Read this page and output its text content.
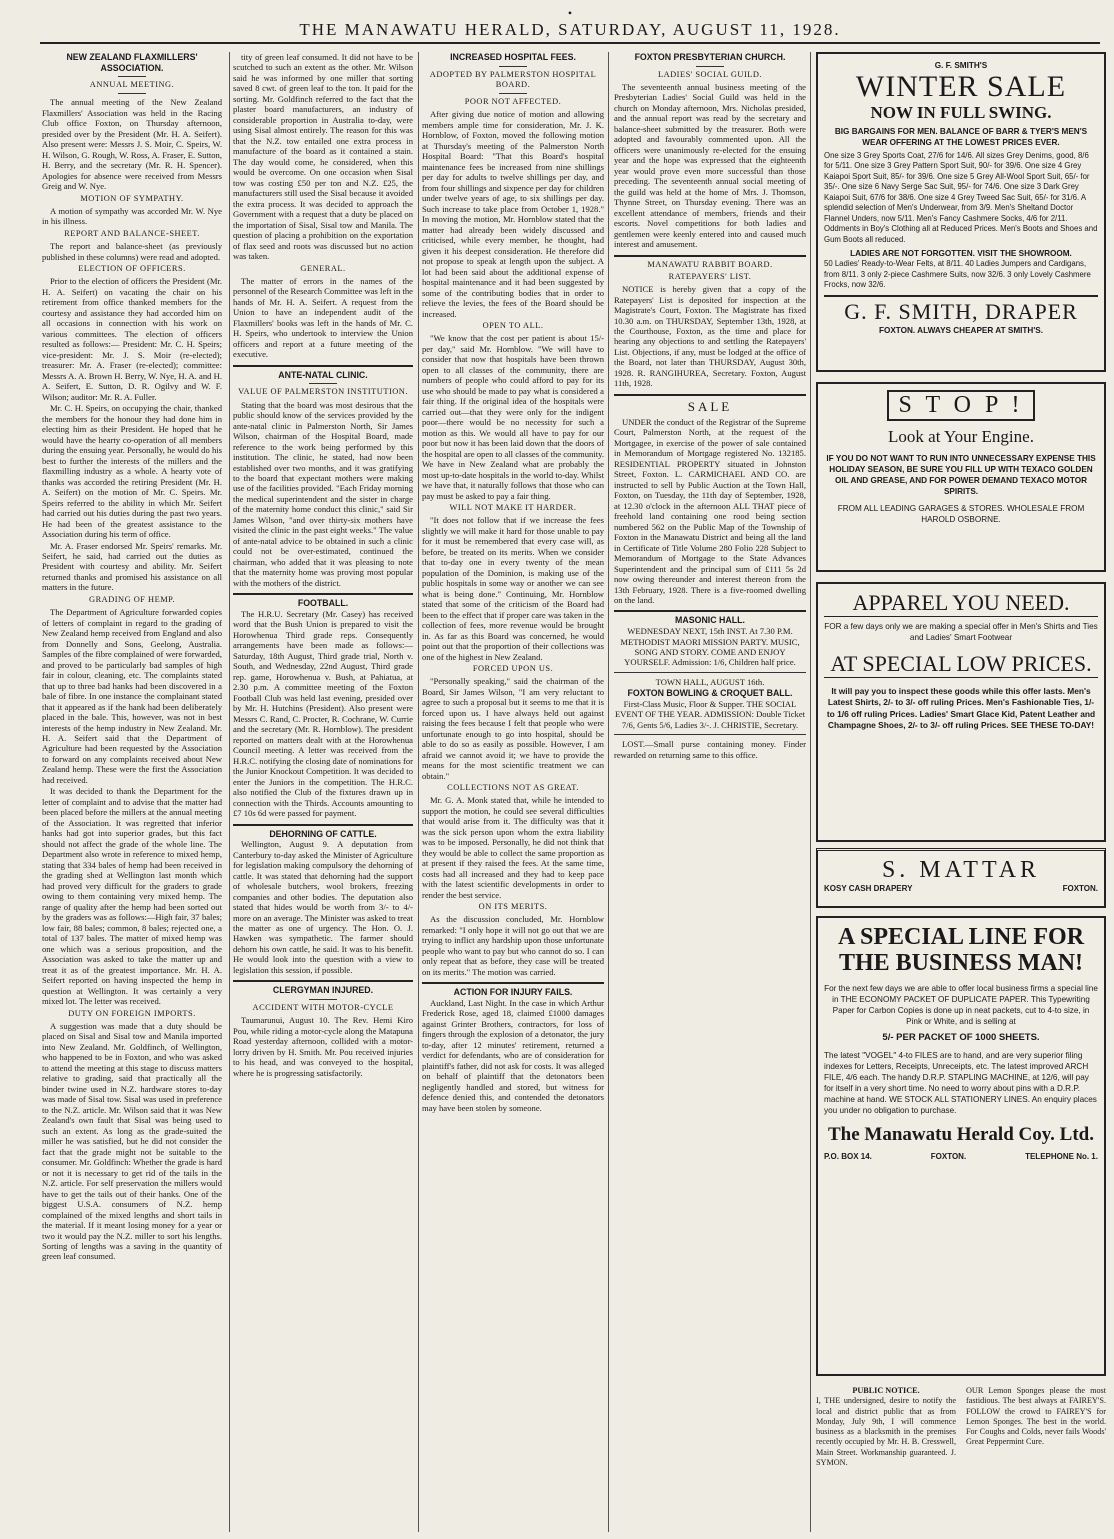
•
THE MANAWATU HERALD, SATURDAY, AUGUST 11, 1928.
NEW ZEALAND FLAXMILLERS' ASSOCIATION.
ANNUAL MEETING.

The annual meeting of the New Zealand Flaxmillers' Association was held in the Racing Club office Foxton, on Thursday afternoon, presided over by the President (Mr. H. A. Seifert). Also present were: Messrs J. S. Moir, C. Speirs, W. H. Wilson, G. Rough, W. Ross, A. Fraser, E. Sutton, H. Berry, and the secretary (Mr. R. H. Spencer). Apologies for absence were received from Messrs Greig and W. Nye.

MOTION OF SYMPATHY.

A motion of sympathy was accorded Mr. W. Nye in his illness.

REPORT AND BALANCE-SHEET.

The report and balance-sheet (as previously published in these columns) were read and adopted.

ELECTION OF OFFICERS.

Prior to the election of officers the President (Mr. H. A. Seifert) on vacating the chair on his retirement from office thanked members for the courtesy and assistance they had accorded him on all occasions in connection with his work on various committees. The election of officers resulted as follows:— President: Mr. C. H. Speirs; vice-president: Mr. J. S. Moir (re-elected); treasurer: Mr. A. Fraser (re-elected); committee: Messrs A. A. Brown H. Berry, W. Nye, H. A. and H. A. Seifert, E. Sutton, D. R. Ogilvy and W. F. Wilson; auditor: Mr. R. A. Fuller.

Mr. C. H. Speirs, on occupying the chair, thanked the members for the honour they had done him in electing him as their President. He hoped that he would have the hearty co-operation of all members during the ensuing year. Personally, he would do his best to further the interests of the millers and the flaxmilling industry as a whole. A hearty vote of thanks was accorded the retiring President (Mr. H. A. Seifert) on the motion of Mr. C. Speirs. Mr. Speirs referred to the ability in which Mr. Seifert had carried out his duties during the past two years. He had been of the greatest assistance to the Association during his term of office.

Mr. A. Fraser endorsed Mr. Speirs' remarks. Mr. Seifert, he said, had carried out the duties as President with courtesy and ability. Mr. Seifert returned thanks and promised his assistance on all matters in the future.

GRADING OF HEMP.

The Department of Agriculture forwarded copies of letters of complaint in regard to the grading of New Zealand hemp received from England and also from Donnelly and Sons, Geelong, Australia. Samples of the fibre complained of were forwarded, and proved to be particularly bad samples of high fair in colour, cleaning, etc. The complaints stated that up to three bad hanks had been discovered in a bale of fibre. In one instance the complainant stated that it appeared as if the hank had been deliberately placed in the bale. This, however, was not in best interests of the hemp industry in New Zealand. Mr. H. A. Seifert said that the Department of Agriculture had been requested by the Association to forward on any complaints received about New Zealand hemp. These were the first the Association had received.

It was decided to thank the Department for the letter of complaint and to advise that the matter had been placed before the millers at the annual meeting of the Association. It was regretted that inferior hanks had got into superior grades, but this fact should not affect the grade of the whole line. The Department also wrote in reference to mixed hemp, stating that 334 bales of hemp had been received in the grading shed at Wellington last month which had proved very difficult for the graders to grade owing to them containing very mixed hemp. The range of quality after the hemp had been sorted out by the graders was as follows:—High fair, 37 bales; low fair, 88 bales; common, 8 bales; rejected one, a total of 137 bales. The matter of mixed hemp was one which was a serious proposition, and the Association was asked to take the matter up and treat it as of the greatest importance. Mr. H. A. Seifert reported on having inspected the hemp in question at Wellington. It was certainly a very mixed lot. The letter was received.

DUTY ON FOREIGN IMPORTS.

A suggestion was made that a duty should be placed on Sisal and Sisal tow and Manila imported into New Zealand. Mr. Goldfinch, of Wellington, who happened to be in Foxton, and who was asked to attend the meeting at this stage to discuss matters relative to grading, said that practically all the binder twine used in N.Z. hardware stores to-day was made of Sisal tow. Sisal was used in preference to the N.Z. article. Mr. Wilson said that it was New Zealand's own fault that Sisal was being used to such an extent. As long as the grade-suited the miller he was satisfied, but he did not consider the fact that the grade might not be suitable to the consumer. Mr. Goldfinch: Whether the grade is hard or not it is necessary to get rid of the tails in the N.Z. article. For self preservation the millers would have to get the tails out of their hanks. One of the biggest U.S.A. consumers of N.Z. hemp complained of the mixed lengths and short tails in the material. If it meant losing money for a year or two it would pay the N.Z. miller to sort his lengths. Sorting of lengths was a saving in the quantity of green leaf consumed.

tity of green leaf consumed. It did not have to be scutched to such an extent as the other. Mr. Wilson said he was informed by one miller that sorting saved 8 cwt. of green leaf to the ton. It paid for the sorting. Mr. Goldfinch referred to the fact that the plaster board manufacturers, an industry of considerable proportion in Australia to-day, were using Sisal almost entirely. The reason for this was that the N.Z. tow entailed one extra process in manufacture of the board as it contained a stain. The day would come, he considered, when this would be overcome. On one occasion when Sisal tow was costing £50 per ton and N.Z. £25, the manufacturers still used the Sisal because it avoided the extra process. It was decided to approach the Government with a request that a duty be placed on the importation of Sisal, Sisal tow and Manila. The question of placing a prohibition on the exportation of flax seed and roots was discussed but no action was taken.

GENERAL.

The matter of errors in the names of the personnel of the Research Committee was left in the hands of Mr. H. A. Seifert. A request from the Union to have an independent audit of the Flaxmillers' books was left in the hands of Mr. C. H. Speirs, who undertook to interview the Union officers and report at a future meeting of the executive.

ANTE-NATAL CLINIC.
VALUE OF PALMERSTON INSTITUTION.

Stating that the board was most desirous that the public should know of the services provided by the ante-natal clinic in Palmerston North, Sir James Wilson, chairman of the Hospital Board, made reference to the work being performed by this institution. The clinic, he stated, had now been established over two months, and it was gratifying to the board that expectant mothers were making use of the facilities provided. "Each Friday morning the medical superintendent and the sister in charge of the maternity home conduct this clinic," said Sir James Wilson, "and over thirty-six mothers have visited the clinic in the past eight weeks." The value of ante-natal advice to be obtained in such a clinic could not be over-estimated, continued the chairman, who added that it was pleasing to note that the maternity home was proving most popular with the mothers of the district.

FOOTBALL.

The H.R.U. Secretary (Mr. Casey) has received word that the Bush Union is prepared to visit the Horowhenua Third grade reps. Consequently arrangements have been made as follows:— Saturday, 18th August, Third grade trial, North v. South, and Wednesday, 22nd August, Third grade rep. game, Horowhenua v. Bush, at Pahiatua, at 2.30 p.m. A committee meeting of the Foxton Football Club was held last evening, presided over by Mr. H. Hutchins (President). Also present were Messrs C. Rand, C. Procter, R. Cochrane, W. Currie and the secretary (Mr. R. Hornblow). The president reported on matters dealt with at the Horowhenua Council meeting. A letter was received from the H.R.C. notifying the closing date of nominations for the Junior Knockout Competition. It was decided to enter the Juniors in the competition. The H.R.C. also notified the Club of the fixtures drawn up in connection with the Thirds. Accounts amounting to £7 10s 6d were passed for payment.

DEHORNING OF CATTLE.

Wellington, August 9. A deputation from Canterbury to-day asked the Minister of Agriculture for legislation making compulsory the dehorning of cattle. It was stated that dehorning had the support of wholesale butchers, wool brokers, freezing companies and other bodies. The deputation also stated that hides would be worth from 3/- to 4/- more on an average. The Minister was asked to treat the matter as one of urgency. The Hon. O. J. Hawken was sympathetic. The farmer should dehorn his own cattle, he said. It was to his benefit. He would look into the question with a view to legislation this session, if possible.

CLERGYMAN INJURED.
ACCIDENT WITH MOTOR-CYCLE

Taumarunui, August 10. The Rev. Hemi Kiro Pou, while riding a motor-cycle along the Matapuna Road yesterday afternoon, collided with a motor-lorry driven by H. Smith. Mr. Pou received injuries to his head, and was conveyed to the hospital, where he is progressing satisfactorily.

INCREASED HOSPITAL FEES.
ADOPTED BY PALMERSTON HOSPITAL BOARD.
POOR NOT AFFECTED.

After giving due notice of motion and allowing members ample time for consideration, Mr. J. K. Hornblow, of Foxton, moved the following motion at Thursday's meeting of the Palmerston North Hospital Board: "That this Board's hospital maintenance fees be increased from nine shillings per day for adults to twelve shillings per day, and from four shillings and sixpence per day for children under twelve years of age, to six shillings per day. Such increase to take place from October 1, 1928." In moving the motion, Mr. Hornblow stated that the matter had already been widely discussed and criticised, while every member, he thought, had given it his deepest consideration. He therefore did not propose to speak at length upon the subject. A lot had been said about the additional expense of hospital maintenance and it had been suggested by some of the contributing bodies that in order to relieve the levies, the fees of the Board should be increased.

OPEN TO ALL.

"We know that the cost per patient is about 15/- per day," said Mr. Hornblow. "We will have to consider that now that hospitals have been thrown open to all classes of the community, there are numbers of people who could afford to pay for its use who should be made to pay what is considered a fair thing. If the original idea of the hospitals were carried out—that they were only for the indigent poor—there would be no necessity for such a motion as this. We would all have to pay for our poor but now it has been laid down that the doors of the hospital are open to all classes of the community. We have in New Zealand what are probably the most up-to-date hospitals in the world to-day. Whilst we have that, it naturally follows that those who can pay must be asked to pay a fair thing.

WILL NOT MAKE IT HARDER.

"It does not follow that if we increase the fees slightly we will make it hard for those unable to pay for it must be remembered that every case will, as before, be treated on its merits. When we consider that to-day one in every twenty of the mean population of the Dominion, is making use of the public hospitals in some way or another we can see what is being done." Continuing, Mr. Hornblow stated that some of the criticism of the Board had been to the effect that if proper care was taken in the collection of fees, more revenue would be brought in. As far as this Board was concerned, he would point out that the proportion of their collections was one of the highest in New Zealand.

FORCED UPON US.

"Personally speaking," said the chairman of the Board, Sir James Wilson, "I am very reluctant to agree to such a proposal but it seems to me that it is forced upon us. I have always held out against raising the fees because I felt that people who were unfortunate enough to go into hospital, should be able to do so as easily as possible. However, I am afraid we cannot avoid it; we have to provide the means for the most scientific treatment we can obtain."

COLLECTIONS NOT AS GREAT.

Mr. G. A. Monk stated that, while he intended to support the motion, he could see several difficulties that would arise from it. The difficulty was that it was the sick person upon whom the extra liability was to be imposed. Personally, he did not think that they would be able to collect the same proportion as at present if they raised the fees. At the same time, costs had all increased and they had to keep pace with the latest scientific developments in order to render the best service.

ON ITS MERITS.

As the discussion concluded, Mr. Hornblow remarked: "I only hope it will not go out that we are trying to inflict any hardship upon those unfortunate people who want to pay but who cannot do so. I can only repeat that as before, they case will be treated on its merits." The motion was carried.

ACTION FOR INJURY FAILS.

Auckland, Last Night. In the case in which Arthur Frederick Rose, aged 18, claimed £1000 damages against Grinter Brothers, contractors, for loss of fingers through the explosion of a detonator, the jury to-day, after 12 minutes' retirement, returned a verdict for defendants, who are of consideration for plaintiff's father, did not ask for costs. It was alleged on behalf of plaintiff that the detonators been negligently handled and stored, but witness for defence denied this, and contended the detonators may have been stolen by someone.

FOXTON PRESBYTERIAN CHURCH.
LADIES' SOCIAL GUILD.

The seventeenth annual business meeting of the Presbyterian Ladies' Social Guild was held in the church on Monday afternoon, Mrs. Nicholas presided, and the annual report was read by the secretary and balance-sheet submitted by the treasurer. Both were adopted and favourably commented upon. All the officers were unanimously re-elected for the ensuing year and the hope was expressed that the eighteenth year would prove even more successful than those preceding. The seventeenth annual social meeting of the guild was held at the home of Mrs. J. Thomson, Thynne Street, on Thursday evening. There was an excellent attendance of members, friends and their escorts. Novel competitions for both ladies and gentlemen were keenly entered into and caused much interest and amusement.

MANAWATU RABBIT BOARD.
RATEPAYERS' LIST.

NOTICE is hereby given that a copy of the Ratepayers' List is deposited for inspection at the Magistrate's Court, Foxton. The Magistrate has fixed 10.30 a.m. on THURSDAY, September 13th, 1928, at the Courthouse, Foxton, as the time and place for hearing any objections to and settling the Ratepayers' List. Objections, if any, must be lodged at the office of the Board, not later than THURSDAY, August 30th, 1928. R. RANGIHUREA, Secretary. Foxton, August 11th, 1928.

SALE

UNDER the conduct of the Registrar of the Supreme Court, Palmerston North, at the request of the Mortgagee, in exercise of the power of sale contained in Memorandum of Mortgage registered No. 132185. RESIDENTIAL PROPERTY situated in Johnston Street, Foxton. L. CARMICHAEL AND CO. are instructed to sell by Public Auction at the Town Hall, Foxton, on Tuesday, the 11th day of September, 1928, at 12.30 o'clock in the afternoon ALL THAT piece of freehold land containing one rood being section numbered 562 on the Public Map of the Township of Foxton in the Manawatu District and being all the land in Certificate of Title Volume 280 Folio 228 Subject to Memorandum of Mortgage to the State Advances Superintendent and the principal sum of £111 5s 2d now owing thereunder and interest thereon from the 13th February, 1928. There is a five-roomed dwelling on the land.

MASONIC HALL.

WEDNESDAY NEXT, 15th INST. At 7.30 P.M. METHODIST MAORI MISSION PARTY. MUSIC, SONG AND STORY. COME AND ENJOY YOURSELF. Admission: 1/6, Children half price.

TOWN HALL, AUGUST 16th.

FOXTON BOWLING & CROQUET BALL.

First-Class Music, Floor & Supper. THE SOCIAL EVENT OF THE YEAR. ADMISSION: Double Ticket 7/6, Gents 5/6, Ladies 3/-. J. CHRISTIE, Secretary.

LOST.—Small purse containing money. Finder rewarded on returning same to this office.

G. F. SMITH'S
WINTER SALE
NOW IN FULL SWING.
BIG BARGAINS FOR MEN. BALANCE OF BARR & TYER'S MEN'S WEAR OFFERING AT THE LOWEST PRICES EVER.
One size 3 Grey Sports Coat, 27/6 for 14/6. All sizes Grey Denims, good, 8/6 for 5/11. One size 3 Grey Pattern Sport Suit, 90/- for 39/6. One size 4 Grey Kaiapoi Sport Suit, 85/- for 39/6. One size 5 Grey All-Wool Sport Suit, 65/- for 35/-. One size 6 Navy Serge Sac Suit, 95/- for 74/6. One size 3 Dark Grey Kaiapoi Suit, 67/6 for 38/6. One size 4 Grey Tweed Sac Suit, 65/- for 31/6. A splendid selection of Men's Underwear, from 3/9. Men's Sheltand Doctor Flannel Unders, now 5/11. Men's Fancy Cashmere Socks, 4/6 for 2/11. Oddments in Boy's Clothing all at Reduced Prices. Men's Boots and Shoes and Gum Boots all reduced.
LADIES ARE NOT FORGOTTEN. VISIT THE SHOWROOM.
50 Ladies' Ready-to-Wear Felts, at 8/11. 40 Ladies Jumpers and Cardigans, from 8/11. 3 only 2-piece Cashmere Suits, now 32/6. 3 only Lovely Cashmere Frocks, now 32/6.
G. F. SMITH, DRAPER
FOXTON. ALWAYS CHEAPER AT SMITH'S.
S T O P !
Look at Your Engine.
IF YOU DO NOT WANT TO RUN INTO UNNECESSARY EXPENSE THIS HOLIDAY SEASON, BE SURE YOU FILL UP WITH TEXACO GOLDEN OIL AND GREASE, AND FOR POWER DEMAND TEXACO MOTOR SPIRITS.
FROM ALL LEADING GARAGES & STORES. WHOLESALE FROM HAROLD OSBORNE.
APPAREL YOU NEED.
FOR a few days only we are making a special offer in Men's Shirts and Ties and Ladies' Smart Footwear
AT SPECIAL LOW PRICES.
It will pay you to inspect these goods while this offer lasts. Men's Latest Shirts, 2/- to 3/- off ruling Prices. Men's Fashionable Ties, 1/- to 1/6 off ruling Prices. Ladies' Smart Glace Kid, Patent Leather and Champagne Shoes, 2/- to 3/- off ruling Prices. SEE THESE TO-DAY!
S. MATTAR
KOSY CASH DRAPERY	FOXTON.
A SPECIAL LINE FOR THE BUSINESS MAN!
For the next few days we are able to offer local business firms a special line in THE ECONOMY PACKET OF DUPLICATE PAPER. This Typewriting Paper for Carbon Copies is done up in neat packets, cut to 4-to size, in Pink or White, and is selling at
5/- PER PACKET OF 1000 SHEETS.
The latest "VOGEL" 4-to FILES are to hand, and are very superior filing indexes for Letters, Receipts, Unreceipts, etc. The latest improved ARCH FILE, 4/6 each. The handy D.R.P. STAPLING MACHINE, at 12/6, will pay for itself in a very short time. No need to worry about pins with a D.R.P. machine at hand. WE STOCK ALL STATIONERY LINES. An enquiry places you under no obligation to purchase.
The Manawatu Herald Coy. Ltd.
P.O. BOX 14.	FOXTON.	TELEPHONE No. 1.
PUBLIC NOTICE.
I, THE undersigned, desire to notify the local and district public that as from Monday, July 9th, I will commence business as a blacksmith in the premises recently occupied by Mr. H. B. Cresswell, Main Street. Workmanship guaranteed. J. SYMON.
OUR Lemon Sponges please the most fastidious. The best always at FAIREY'S. FOLLOW the crowd to FAIREY'S for Lemon Sponges. The best in the world. For Coughs and Colds, never fails Woods' Great Peppermint Cure.
